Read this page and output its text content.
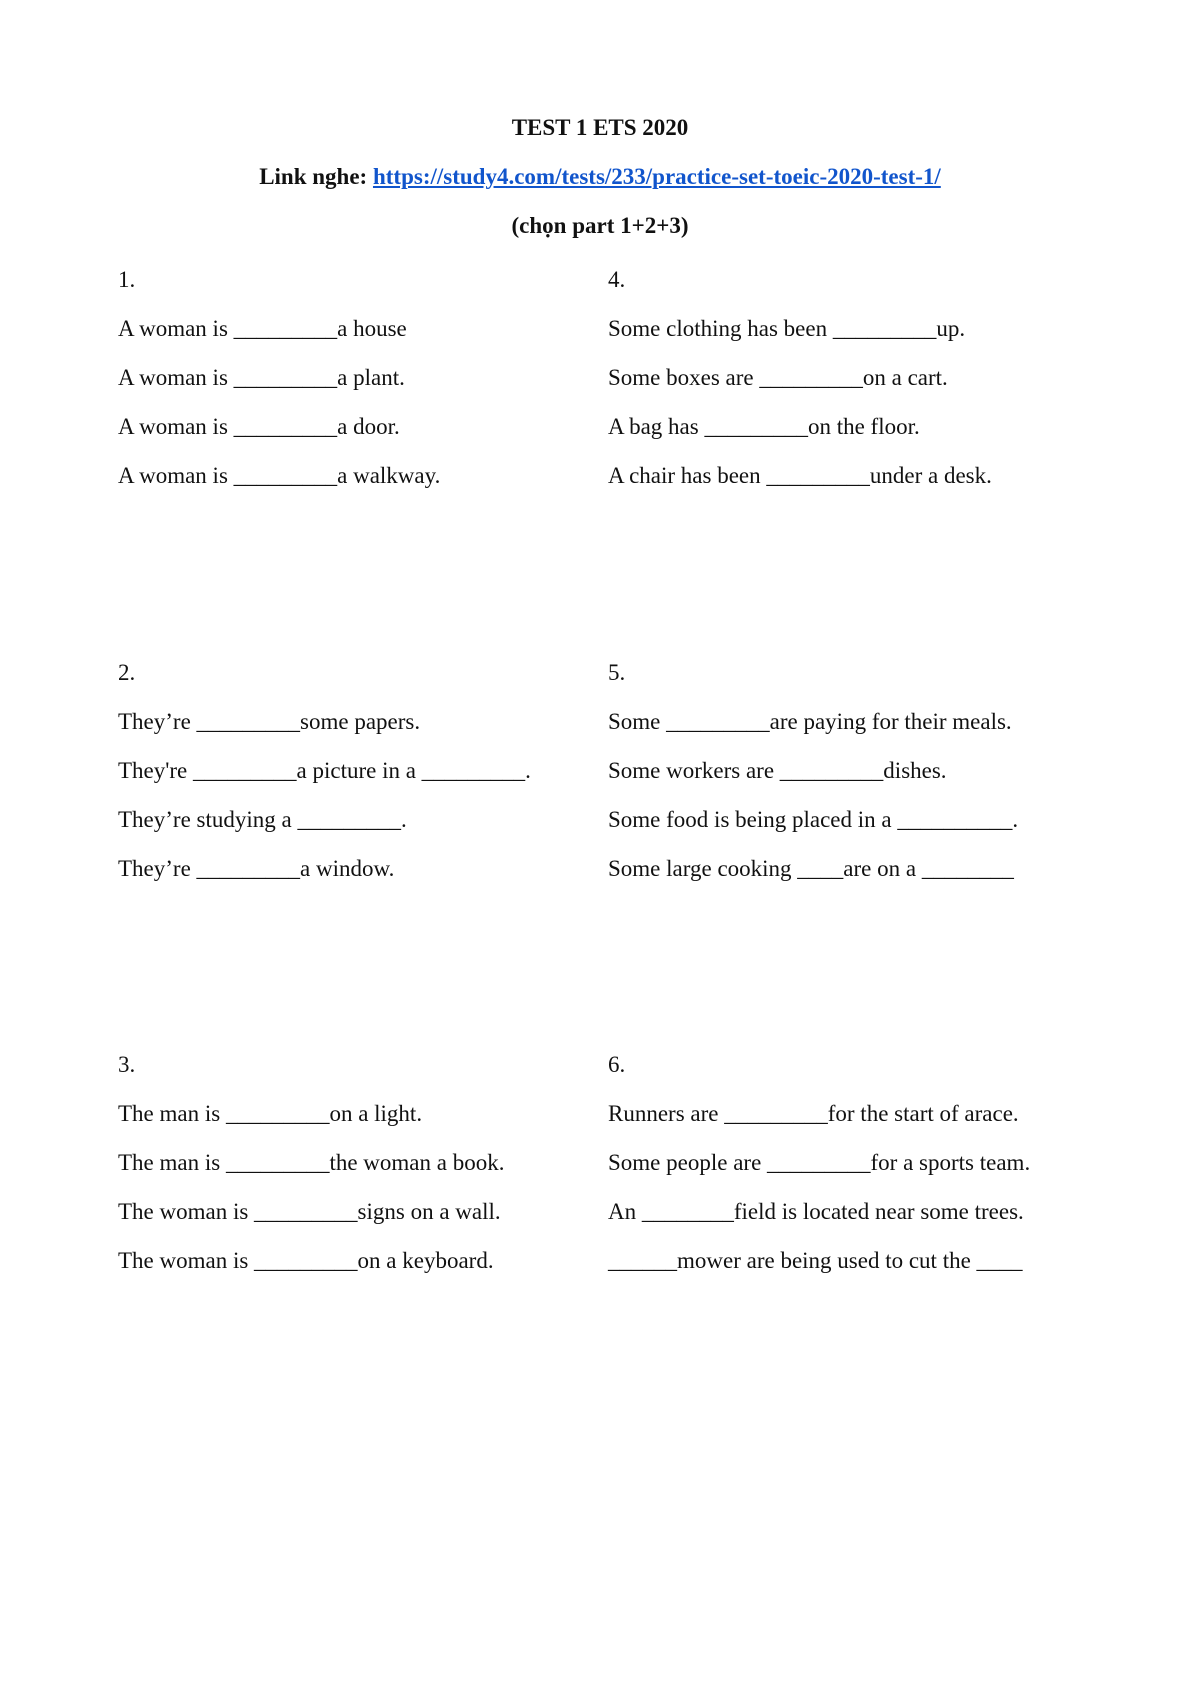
TEST 1 ETS 2020
Link nghe: https://study4.com/tests/233/practice-set-toeic-2020-test-1/
(chọn part 1+2+3)
1.
A woman is _________a house
A woman is _________a plant.
A woman is _________a door.
A woman is _________a walkway.
4.
Some clothing has been _________up.
Some boxes are _________on a cart.
A bag has _________on the floor.
A chair has been _________under a desk.
2.
They’re _________some papers.
They're _________a picture in a _________.
They’re studying a _________.
They’re _________a window.
5.
Some _________are paying for their meals.
Some workers are _________dishes.
Some food is being placed in a __________.
Some large cooking ____are on a ________
3.
The man is _________on a light.
The man is _________the woman a book.
The woman is _________signs on a wall.
The woman is _________on a keyboard.
6.
Runners are _________for the start of arace.
Some people are _________for a sports team.
An ________field is located near some trees.
______mower are being used to cut the ____
